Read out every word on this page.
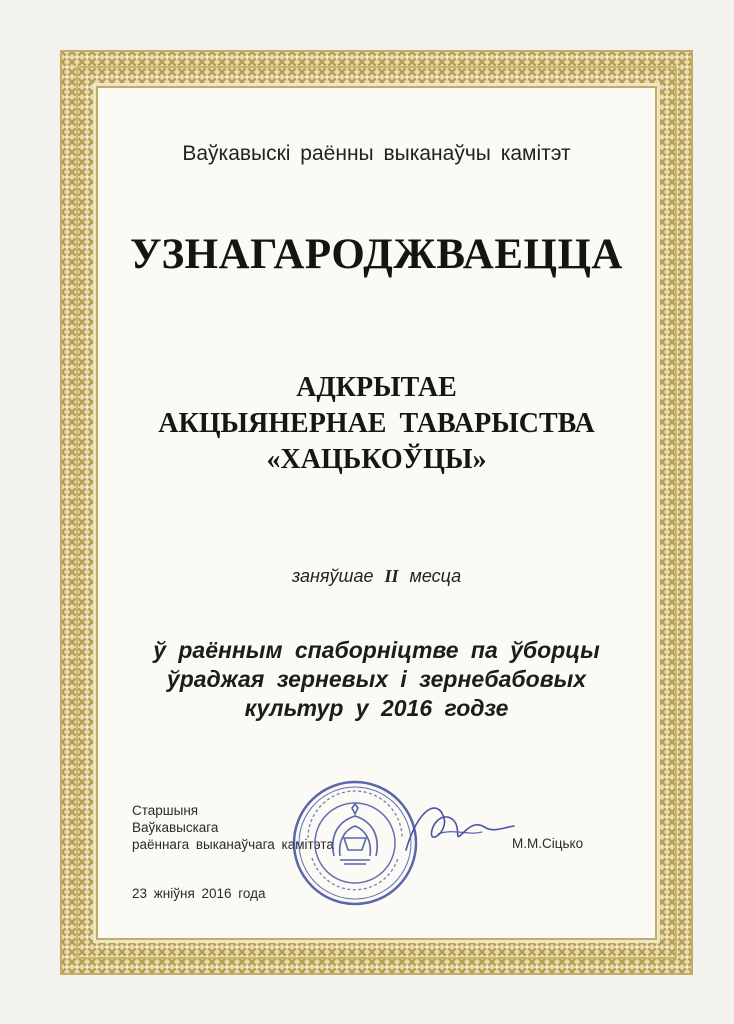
Ваўкавыскі раённы выканаўчы камітэт
УЗНАГАРОДЖВАЕЦЦА
АДКРЫТАЕ
АКЦЫЯНЕРНАЕ ТАВАРЫСТВА
«ХАЦЬКОЎЦЫ»
заняўшае II месца
ў раённым спаборніцтве па ўборцы
ўраджая зерневых і зернебабовых
культур у 2016 годзе
Старшыня
Ваўкавыскага
раённага выканаўчага камітэта	М.М.Сіцько
23 жніўня 2016 года
